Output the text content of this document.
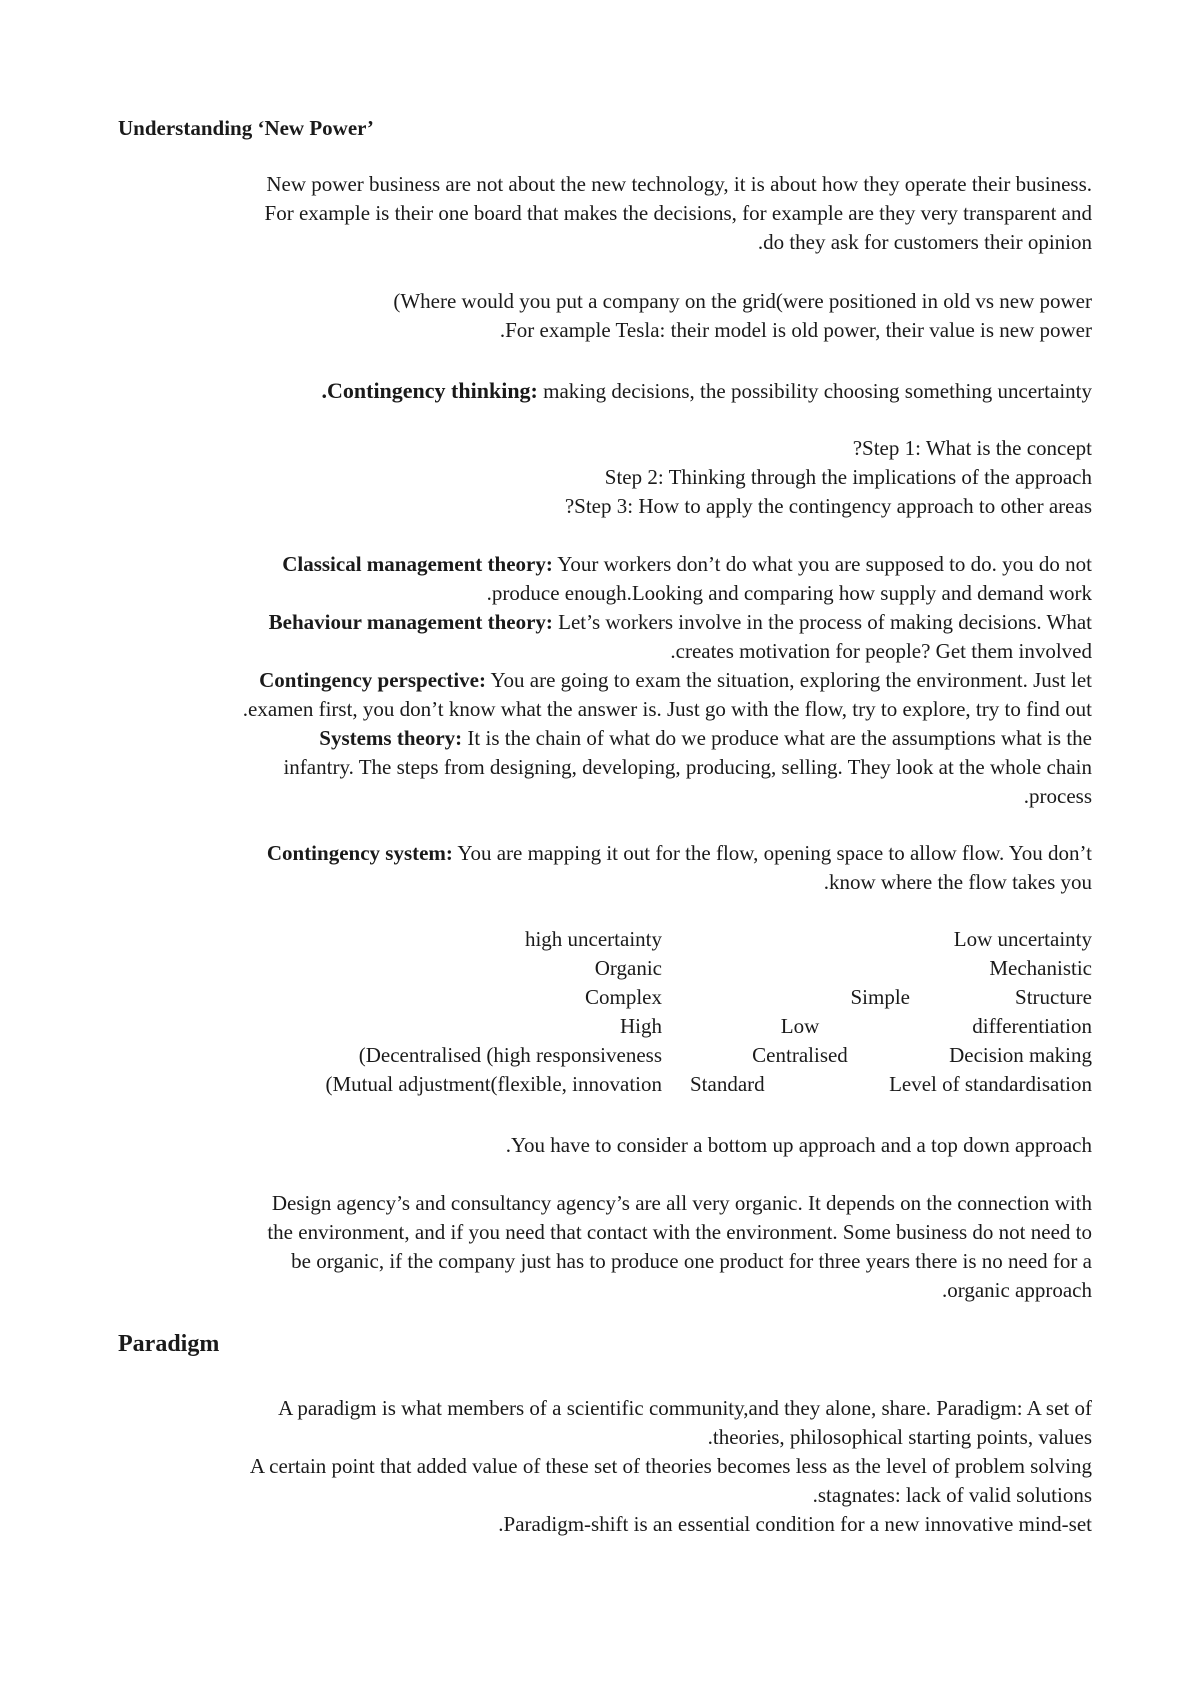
Understanding ‘New Power’
New power business are not about the new technology, it is about how they operate their business.
For example is their one board that makes the decisions, for example are they very transparent and
.do they ask for customers their opinion
(Where would you put a company on the grid(were positioned in old vs new power
.For example Tesla: their model is old power, their value is new power
.Contingency thinking: making decisions, the possibility choosing something uncertainty
?Step 1: What is the concept
Step 2: Thinking through the implications of the approach
?Step 3: How to apply the contingency approach to other areas
Classical management theory: Your workers don’t do what you are supposed to do. you do not
.produce enough.Looking and comparing how supply and demand work
Behaviour management theory: Let’s workers involve in the process of making decisions. What
.creates motivation for people? Get them involved
Contingency perspective: You are going to exam the situation, exploring the environment. Just let
.examen first, you don’t know what the answer is. Just go with the flow, try to explore, try to find out
Systems theory: It is the chain of what do we produce what are the assumptions what is the
infantry. The steps from designing, developing, producing, selling. They look at the whole chain
.process
Contingency system: You are mapping it out for the flow, opening space to allow flow. You don’t
.know where the flow takes you
high uncertainty
Organic
Complex
High
(Decentralised (high responsiveness
(Mutual adjustment(flexible, innovation
Simple
Low
Centralised
Standard
Low uncertainty
Mechanistic
Structure
differentiation
Decision making
Level of standardisation
.You have to consider a bottom up approach and a top down approach
Design agency’s and consultancy agency’s are all very organic. It depends on the connection with
the environment, and if you need that contact with the environment. Some business do not need to
be organic, if the company just has to produce one product for three years there is no need for a
.organic approach
Paradigm
A paradigm is what members of a scientific community,and they alone, share. Paradigm: A set of
.theories, philosophical starting points, values
A certain point that added value of these set of theories becomes less as the level of problem solving
.stagnates: lack of valid solutions
.Paradigm-shift is an essential condition for a new innovative mind-set
